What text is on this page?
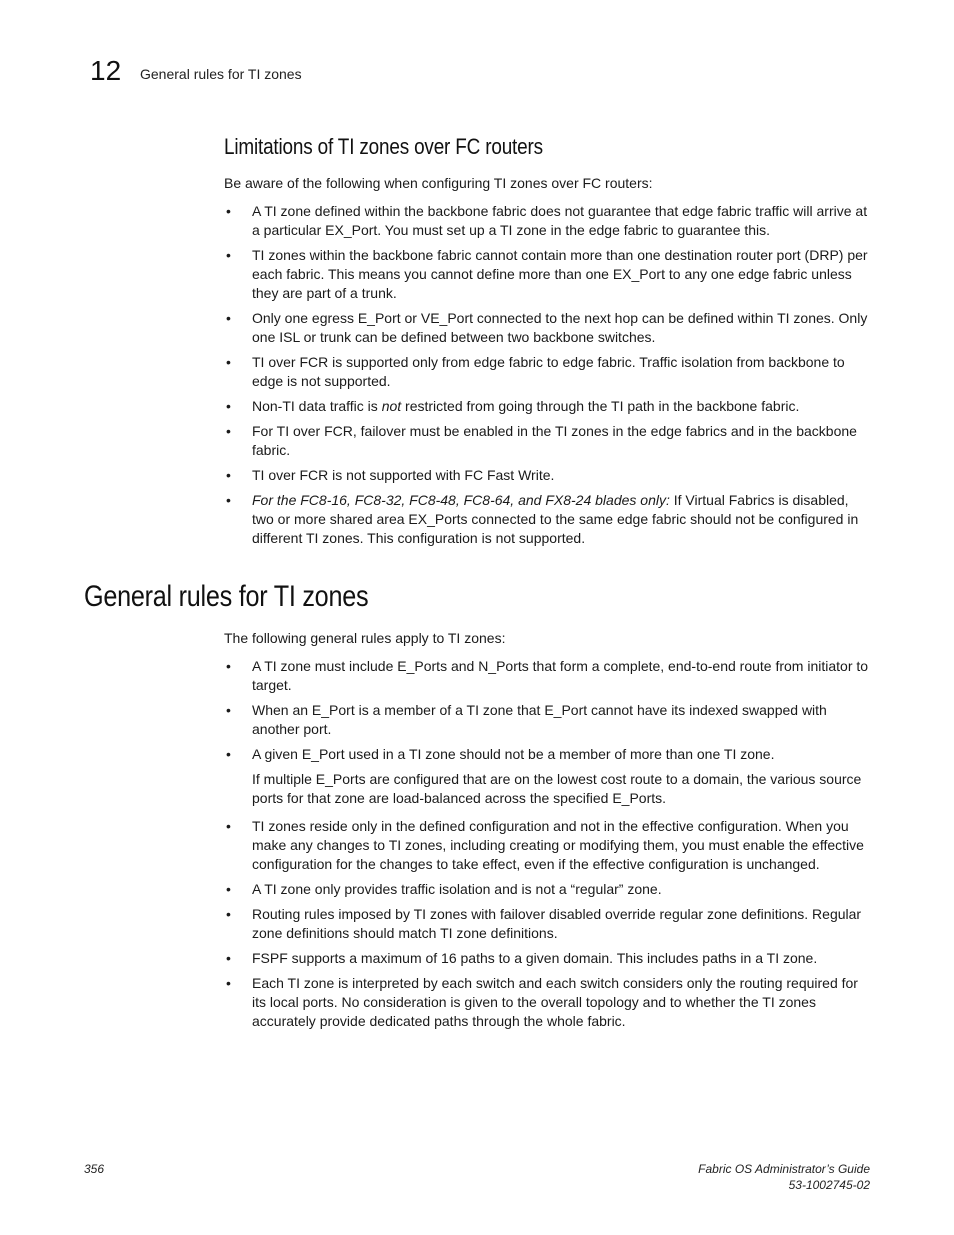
12 General rules for TI zones
Limitations of TI zones over FC routers
Be aware of the following when configuring TI zones over FC routers:
• A TI zone defined within the backbone fabric does not guarantee that edge fabric traffic will arrive at a particular EX_Port. You must set up a TI zone in the edge fabric to guarantee this.
• TI zones within the backbone fabric cannot contain more than one destination router port (DRP) per each fabric. This means you cannot define more than one EX_Port to any one edge fabric unless they are part of a trunk.
• Only one egress E_Port or VE_Port connected to the next hop can be defined within TI zones. Only one ISL or trunk can be defined between two backbone switches.
• TI over FCR is supported only from edge fabric to edge fabric. Traffic isolation from backbone to edge is not supported.
• Non-TI data traffic is not restricted from going through the TI path in the backbone fabric.
• For TI over FCR, failover must be enabled in the TI zones in the edge fabrics and in the backbone fabric.
• TI over FCR is not supported with FC Fast Write.
• For the FC8-16, FC8-32, FC8-48, FC8-64, and FX8-24 blades only: If Virtual Fabrics is disabled, two or more shared area EX_Ports connected to the same edge fabric should not be configured in different TI zones. This configuration is not supported.
General rules for TI zones
The following general rules apply to TI zones:
• A TI zone must include E_Ports and N_Ports that form a complete, end-to-end route from initiator to target.
• When an E_Port is a member of a TI zone that E_Port cannot have its indexed swapped with another port.
• A given E_Port used in a TI zone should not be a member of more than one TI zone.
If multiple E_Ports are configured that are on the lowest cost route to a domain, the various source ports for that zone are load-balanced across the specified E_Ports.
• TI zones reside only in the defined configuration and not in the effective configuration. When you make any changes to TI zones, including creating or modifying them, you must enable the effective configuration for the changes to take effect, even if the effective configuration is unchanged.
• A TI zone only provides traffic isolation and is not a “regular” zone.
• Routing rules imposed by TI zones with failover disabled override regular zone definitions. Regular zone definitions should match TI zone definitions.
• FSPF supports a maximum of 16 paths to a given domain. This includes paths in a TI zone.
• Each TI zone is interpreted by each switch and each switch considers only the routing required for its local ports. No consideration is given to the overall topology and to whether the TI zones accurately provide dedicated paths through the whole fabric.
356	Fabric OS Administrator’s Guide
53-1002745-02
